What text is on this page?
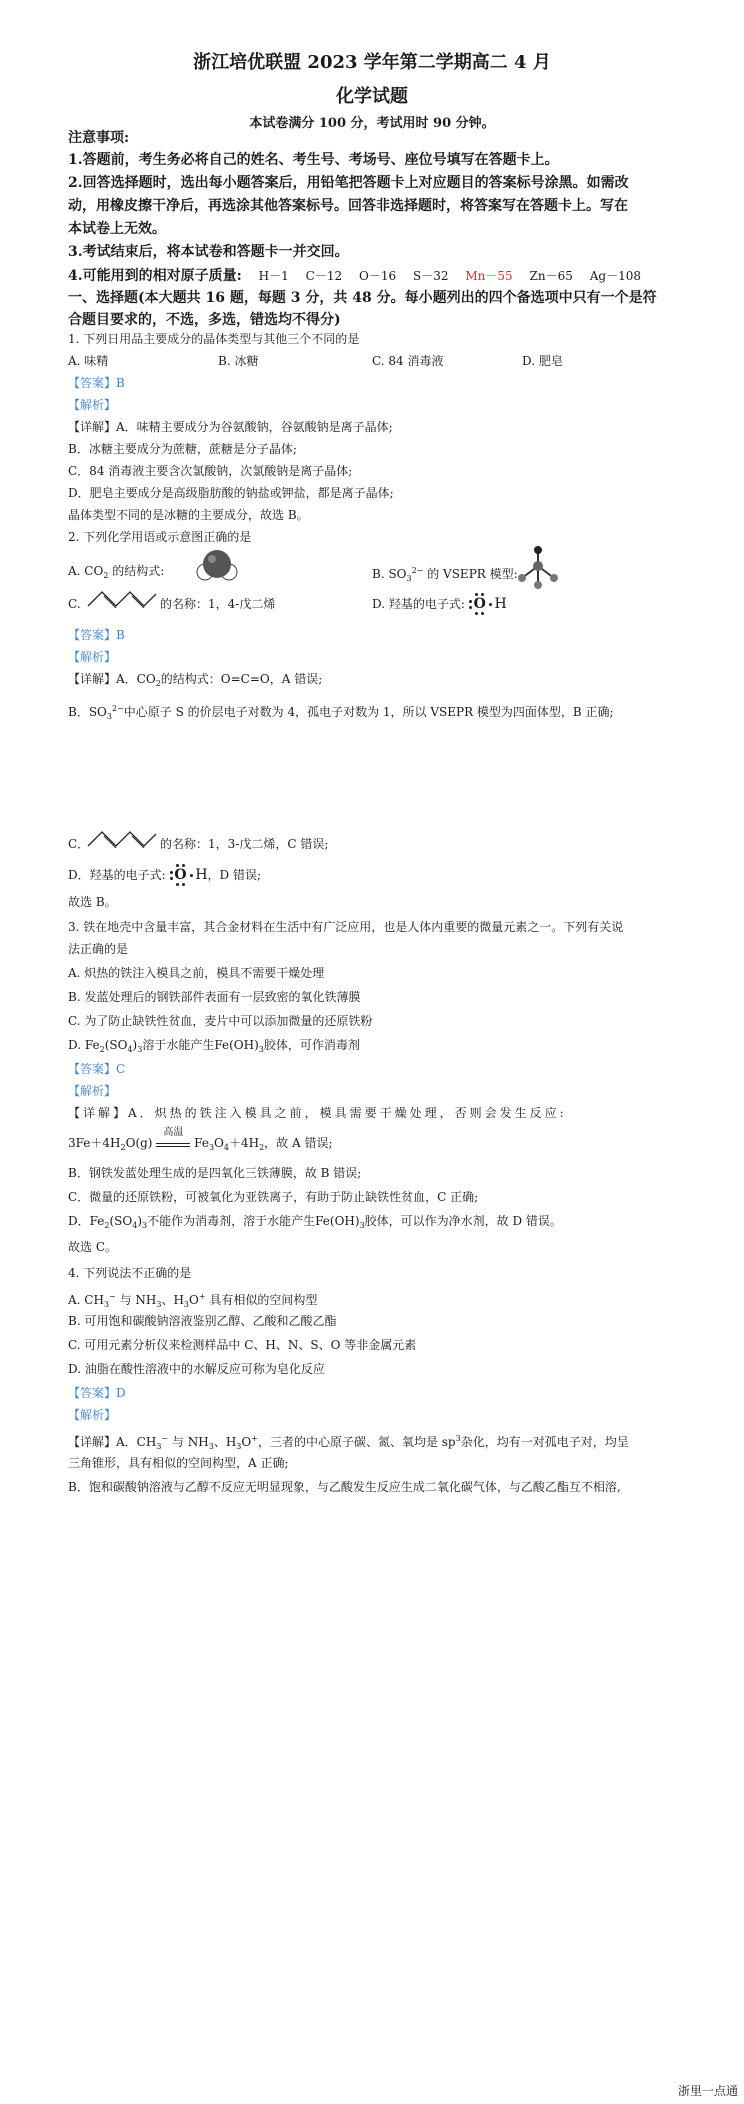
浙江培优联盟 2023 学年第二学期高二 4 月
化学试题
本试卷满分 100 分，考试用时 90 分钟。
注意事项:
1.答题前，考生务必将自己的姓名、考生号、考场号、座位号填写在答题卡上。
2.回答选择题时，选出每小题答案后，用铅笔把答题卡上对应题目的答案标号涂黑。如需改
动，用橡皮擦干净后，再选涂其他答案标号。回答非选择题时，将答案写在答题卡上。写在
本试卷上无效。
3.考试结束后，将本试卷和答题卡一并交回。
4.可能用到的相对原子质量: H－1 C－12 O－16 S－32 Mn－55 Zn－65 Ag－108
一、选择题(本大题共 16 题，每题 3 分，共 48 分。每小题列出的四个备选项中只有一个是符
合题目要求的，不选，多选，错选均不得分)
1. 下列日用品主要成分的晶体类型与其他三个不同的是
A. 味精	B. 冰糖	C. 84 消毒液	D. 肥皂
【答案】B
【解析】
【详解】A．味精主要成分为谷氨酸钠，谷氨酸钠是离子晶体;
B．冰糖主要成分为蔗糖，蔗糖是分子晶体;
C．84 消毒液主要含次氯酸钠，次氯酸钠是离子晶体;
D．肥皂主要成分是高级脂肪酸的钠盐或钾盐，都是离子晶体;
晶体类型不同的是冰糖的主要成分，故选 B。
2. 下列化学用语或示意图正确的是
A. $CO_2$ 的结构式:	B. $SO_3^{2-}$ 的 VSEPR 模型:
C.	的名称：1，4-戊二烯	D. 羟基的电子式: O H
【答案】B
【解析】
【详解】A．$CO_2$的结构式：O=C=O，A 错误;
B．$SO_3^{2-}$中心原子 S 的价层电子对数为 4，孤电子对数为 1，所以 VSEPR 模型为四面体型，B 正确;
C．	的名称：1，3-戊二烯，C 错误;
D．羟基的电子式: O H，D 错误;
故选 B。
3. 铁在地壳中含量丰富，其合金材料在生活中有广泛应用，也是人体内重要的微量元素之一。下列有关说
法正确的是
A. 炽热的铁注入模具之前，模具不需要干燥处理
B. 发蓝处理后的钢铁部件表面有一层致密的氧化铁薄膜
C. 为了防止缺铁性贫血，麦片中可以添加微量的还原铁粉
D. $Fe_2(SO_4)_3$溶于水能产生$Fe(OH)_3$胶体，可作消毒剂
【答案】C
【解析】
【详解】A．炽热的铁注入模具之前，模具需要干燥处理，否则会发生反应:
$3Fe+4H_2O(g)$
高温
$Fe_3O_4+4H_2$，故 A 错误;
B．钢铁发蓝处理生成的是四氧化三铁薄膜，故 B 错误;
C．微量的还原铁粉，可被氧化为亚铁离子，有助于防止缺铁性贫血，C 正确;
D．$Fe_2(SO_4)_3$不能作为消毒剂，溶于水能产生$Fe(OH)_3$胶体，可以作为净水剂，故 D 错误。
故选 C。
4. 下列说法不正确的是
A. $CH_3^-$ 与 $NH_3$、$H_3O^+$ 具有相似的空间构型
B. 可用饱和碳酸钠溶液鉴别乙醇、乙酸和乙酸乙酯
C. 可用元素分析仪来检测样品中 C、H、N、S、O 等非金属元素
D. 油脂在酸性溶液中的水解反应可称为皂化反应
【答案】D
【解析】
【详解】A．$CH_3^-$ 与 $NH_3$、$H_3O^+$，三者的中心原子碳、氮、氧均是 $sp^3$杂化，均有一对孤电子对，均呈
三角锥形，具有相似的空间构型，A 正确;
B．饱和碳酸钠溶液与乙醇不反应无明显现象，与乙酸发生反应生成二氧化碳气体，与乙酸乙酯互不相溶,
浙里一点通
